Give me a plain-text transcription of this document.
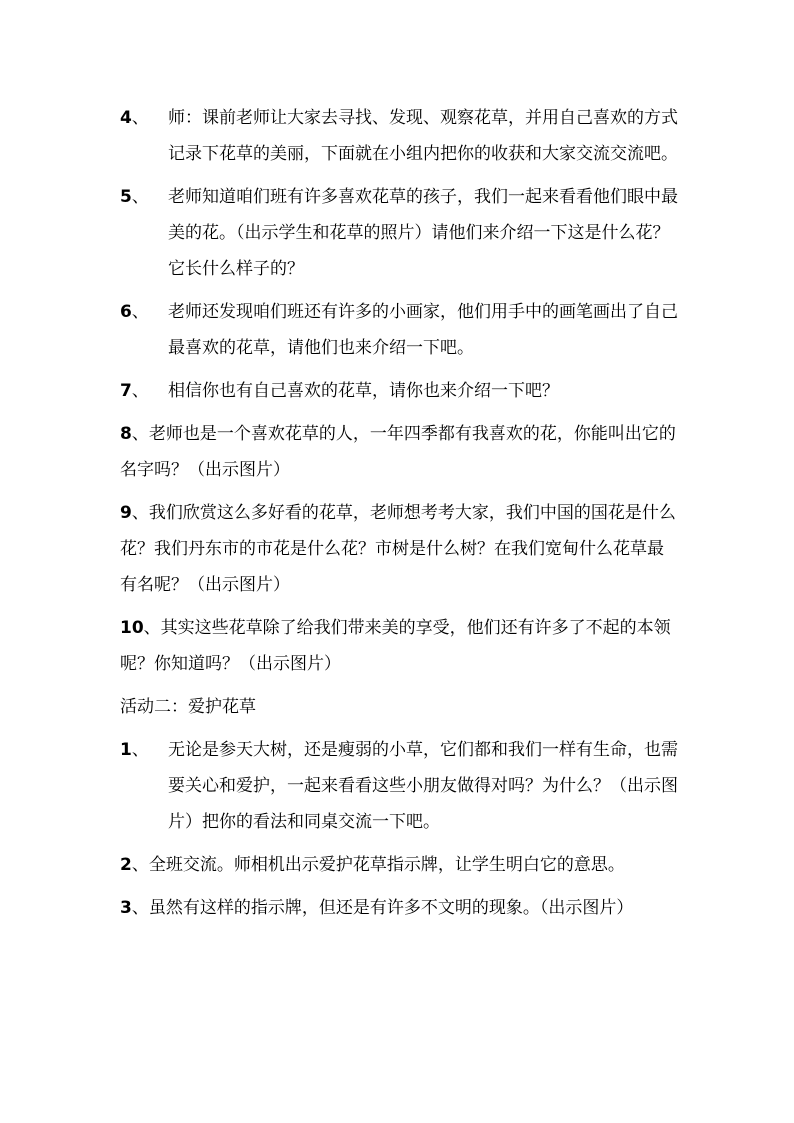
4、 师：课前老师让大家去寻找、发现、观察花草，并用自己喜欢的方式记录下花草的美丽，下面就在小组内把你的收获和大家交流交流吧。
5、 老师知道咱们班有许多喜欢花草的孩子，我们一起来看看他们眼中最美的花。（出示学生和花草的照片）请他们来介绍一下这是什么花？它长什么样子的？
6、 老师还发现咱们班还有许多的小画家，他们用手中的画笔画出了自己最喜欢的花草，请他们也来介绍一下吧。
7、 相信你也有自己喜欢的花草，请你也来介绍一下吧？
8、老师也是一个喜欢花草的人，一年四季都有我喜欢的花，你能叫出它的名字吗？（出示图片）
9、我们欣赏这么多好看的花草，老师想考考大家，我们中国的国花是什么花？我们丹东市的市花是什么花？市树是什么树？在我们宽甸什么花草最有名呢？（出示图片）
10、其实这些花草除了给我们带来美的享受，他们还有许多了不起的本领呢？你知道吗？（出示图片）
活动二：爱护花草
1、 无论是参天大树，还是瘦弱的小草，它们都和我们一样有生命，也需要关心和爱护，一起来看看这些小朋友做得对吗？为什么？（出示图片）把你的看法和同桌交流一下吧。
2、全班交流。师相机出示爱护花草指示牌，让学生明白它的意思。
3、虽然有这样的指示牌，但还是有许多不文明的现象。（出示图片）
